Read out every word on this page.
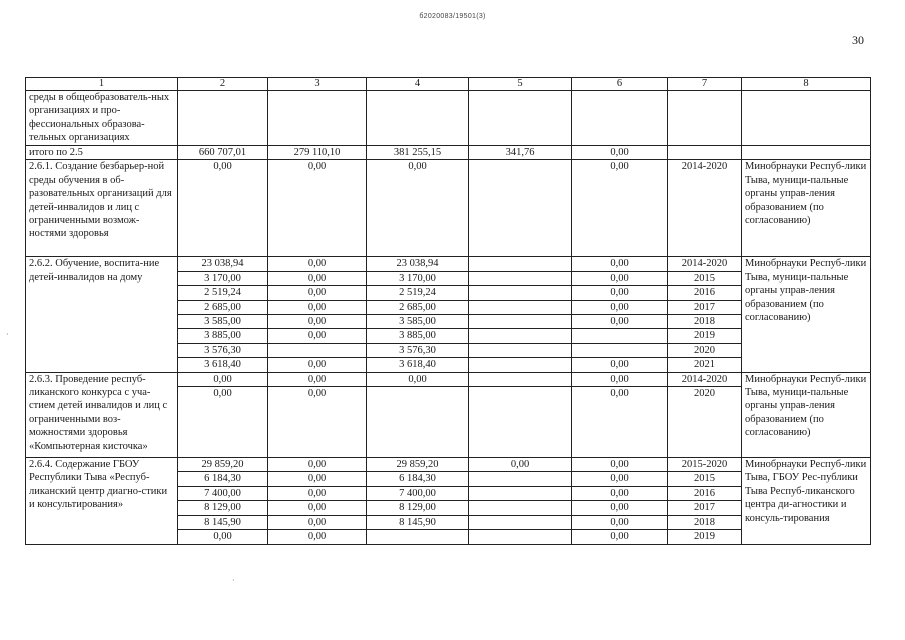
б2020083/19501(3)
30
1	2	3	4	5	6	7	8
среды в общеобразователь-ных организациях и про-фессиональных образова-тельных организациях							
итого по 2.5	660 707,01	279 110,10	381 255,15	341,76	0,00		
2.6.1. Создание безбарьер-ной среды обучения в об-разовательных организаций для детей-инвалидов и лиц с ограниченными возмож-ностями здоровья	0,00	0,00	0,00		0,00	2014-2020	Минобрнауки Респуб-лики Тыва, муници-пальные органы управ-ления образованием (по согласованию)
2.6.2. Обучение, воспита-ние детей-инвалидов на дому	23 038,94	0,00	23 038,94		0,00	2014-2020	Минобрнауки Респуб-лики Тыва, муници-пальные органы управ-ления образованием (по согласованию)
	3 170,00	0,00	3 170,00		0,00	2015	
	2 519,24	0,00	2 519,24		0,00	2016	
	2 685,00	0,00	2 685,00		0,00	2017	
	3 585,00	0,00	3 585,00		0,00	2018	
	3 885,00	0,00	3 885,00			2019	
	3 576,30		3 576,30			2020	
	3 618,40	0,00	3 618,40		0,00	2021	
2.6.3. Проведение респуб-ликанского конкурса с уча-стием детей инвалидов и лиц с ограниченными воз-можностями здоровья «Компьютерная кисточка»	0,00	0,00	0,00		0,00	2014-2020	Минобрнауки Респуб-лики Тыва, муници-пальные органы управ-ления образованием (по согласованию)
	0,00	0,00			0,00	2020	
2.6.4. Содержание ГБОУ Республики Тыва «Респуб-ликанский центр диагно-стики и консультирования»	29 859,20	0,00	29 859,20	0,00	0,00	2015-2020	Минобрнауки Респуб-лики Тыва, ГБОУ Рес-публики Тыва Респуб-ликанского центра ди-агностики и консуль-тирования
	6 184,30	0,00	6 184,30		0,00	2015	
	7 400,00	0,00	7 400,00		0,00	2016	
	8 129,00	0,00	8 129,00		0,00	2017	
	8 145,90	0,00	8 145,90		0,00	2018	
	0,00	0,00			0,00	2019	
·
·
